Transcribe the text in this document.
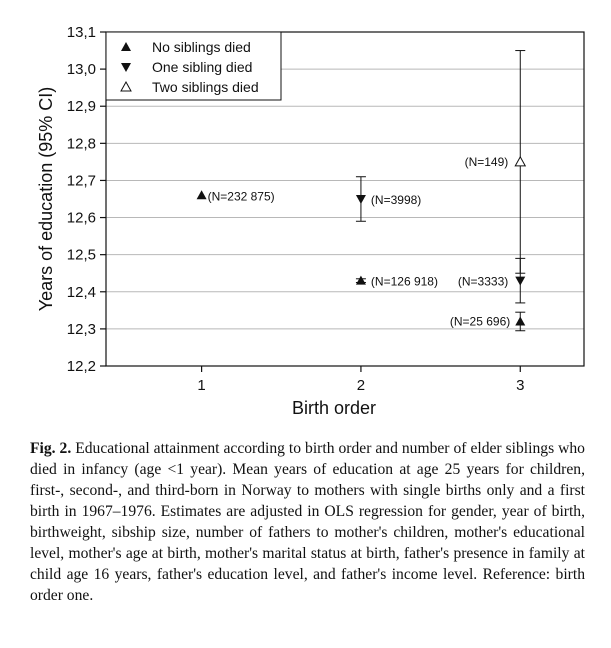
12,2
12,3
12,4
12,5
12,6
12,7
12,8
12,9
13,0
13,1
1	2	3
(N=232 875)
(N=126 918)
(N=25 696)
(N=3998)
(N=3333)
(N=149)
No siblings died
One sibling died
Two siblings died
Birth order
Years of education (95% CI)

Fig. 2. Educational attainment according to birth order and number of elder siblings who died in infancy (age <1 year). Mean years of education at age 25 years for children, first-, second-, and third-born in Norway to mothers with single births only and a first birth in 1967–1976. Estimates are adjusted in OLS regression for gender, year of birth, birthweight, sibship size, number of fathers to mother's children, mother's educational level, mother's age at birth, mother's marital status at birth, father's presence in family at child age 16 years, father's education level, and father's income level. Reference: birth order one.
